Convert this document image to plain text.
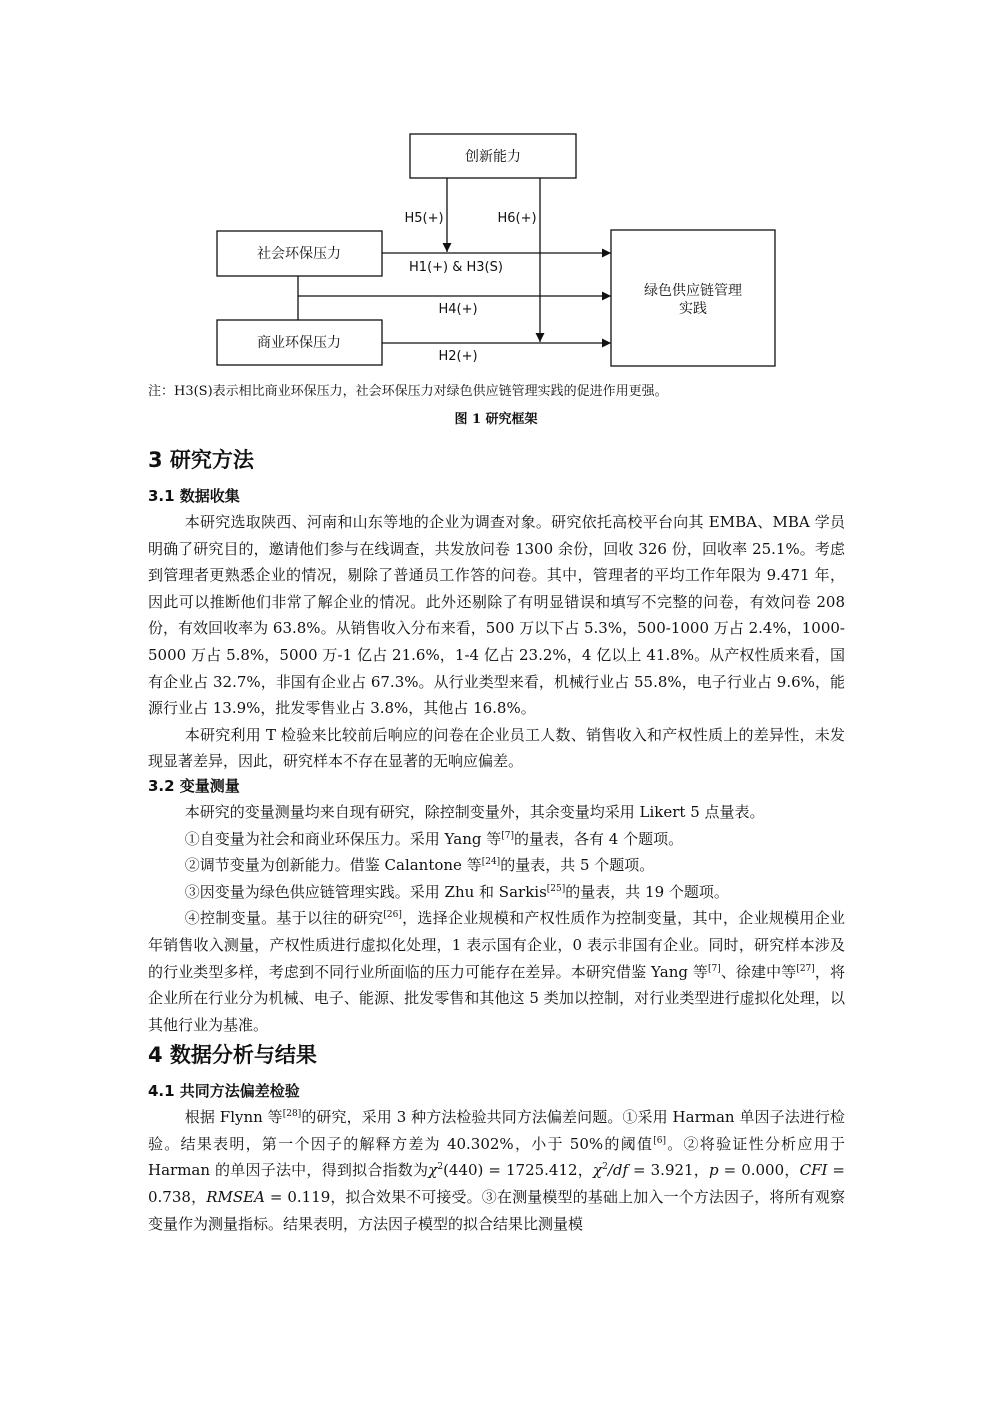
创新能力
社会环保压力
商业环保压力
绿色供应链管理
实践
H5(+)	H6(+)
H1(+) & H3(S)
H4(+)
H2(+)
注：H3(S)表示相比商业环保压力，社会环保压力对绿色供应链管理实践的促进作用更强。
图 1 研究框架
3 研究方法
3.1 数据收集

本研究选取陕西、河南和山东等地的企业为调查对象。研究依托高校平台向其 EMBA、MBA 学员明确了研究目的，邀请他们参与在线调查，共发放问卷 1300 余份，回收 326 份，回收率 25.1%。考虑到管理者更熟悉企业的情况，剔除了普通员工作答的问卷。其中，管理者的平均工作年限为 9.471 年，因此可以推断他们非常了解企业的情况。此外还剔除了有明显错误和填写不完整的问卷，有效问卷 208 份，有效回收率为 63.8%。从销售收入分布来看，500 万以下占 5.3%，500-1000 万占 2.4%，1000-5000 万占 5.8%，5000 万-1 亿占 21.6%，1-4 亿占 23.2%，4 亿以上 41.8%。从产权性质来看，国有企业占 32.7%，非国有企业占 67.3%。从行业类型来看，机械行业占 55.8%，电子行业占 9.6%，能源行业占 13.9%，批发零售业占 3.8%，其他占 16.8%。

本研究利用 T 检验来比较前后响应的问卷在企业员工人数、销售收入和产权性质上的差异性，未发现显著差异，因此，研究样本不存在显著的无响应偏差。

3.2 变量测量

本研究的变量测量均来自现有研究，除控制变量外，其余变量均采用 Likert 5 点量表。

①自变量为社会和商业环保压力。采用 Yang 等[7]的量表，各有 4 个题项。

②调节变量为创新能力。借鉴 Calantone 等[24]的量表，共 5 个题项。

③因变量为绿色供应链管理实践。采用 Zhu 和 Sarkis[25]的量表，共 19 个题项。

④控制变量。基于以往的研究[26]，选择企业规模和产权性质作为控制变量，其中，企业规模用企业年销售收入测量，产权性质进行虚拟化处理，1 表示国有企业，0 表示非国有企业。同时，研究样本涉及的行业类型多样，考虑到不同行业所面临的压力可能存在差异。本研究借鉴 Yang 等[7]、徐建中等[27]，将企业所在行业分为机械、电子、能源、批发零售和其他这 5 类加以控制，对行业类型进行虚拟化处理，以其他行业为基准。

4 数据分析与结果
4.1 共同方法偏差检验

根据 Flynn 等[28]的研究，采用 3 种方法检验共同方法偏差问题。①采用 Harman 单因子法进行检验。结果表明，第一个因子的解释方差为 40.302%，小于 50%的阈值[6]。②将验证性分析应用于 Harman 的单因子法中，得到拟合指数为$\chi^2(440) = 1725.412$，$\chi^2/df = 3.921$，p = 0.000，CFI = 0.738，RMSEA = 0.119，拟合效果不可接受。③在测量模型的基础上加入一个方法因子，将所有观察变量作为测量指标。结果表明，方法因子模型的拟合结果比测量模
